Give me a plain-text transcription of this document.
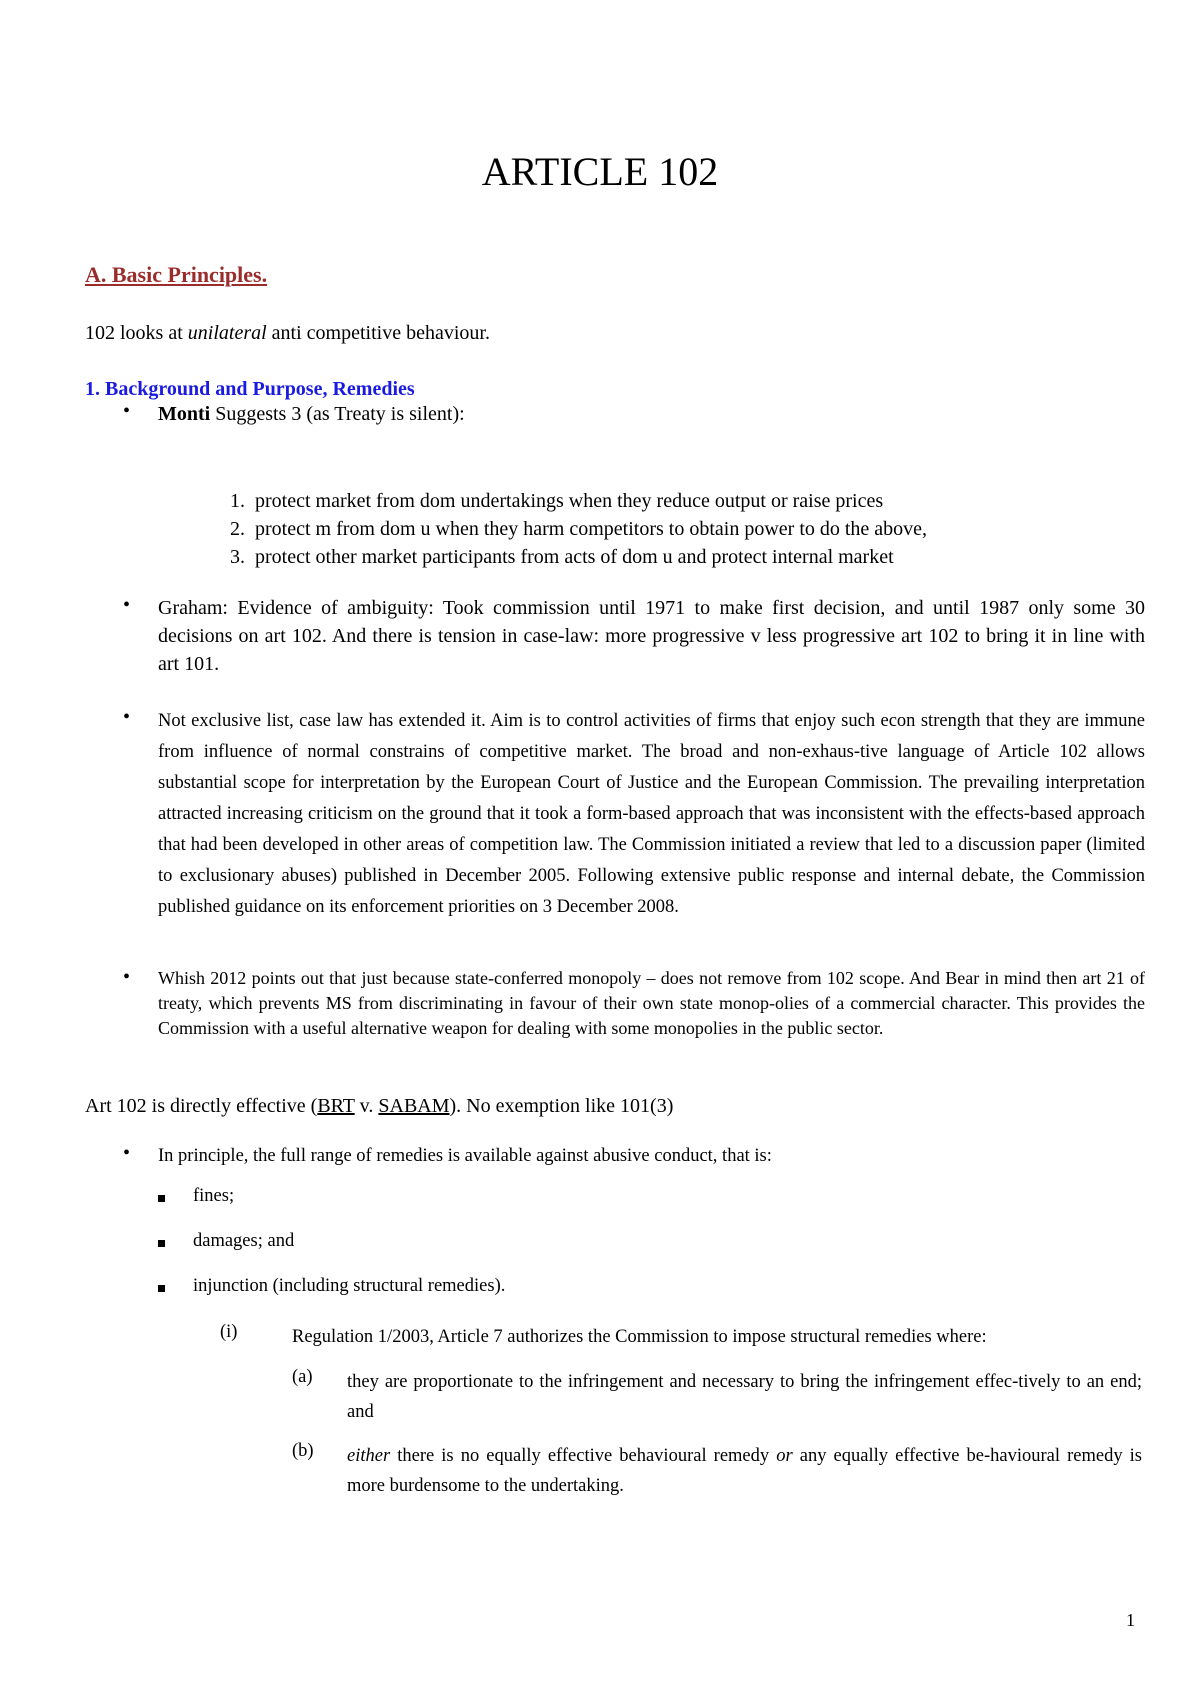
ARTICLE 102
A. Basic Principles.
102 looks at unilateral anti competitive behaviour.
1. Background and Purpose, Remedies
• Monti Suggests 3 (as Treaty is silent):
1. protect market from dom undertakings when they reduce output or raise prices
2. protect m from dom u when they harm competitors to obtain power to do the above,
3. protect other market participants from acts of dom u and protect internal market
• Graham: Evidence of ambiguity: Took commission until 1971 to make first decision, and until 1987 only some 30 decisions on art 102. And there is tension in case-law: more progressive v less progressive art 102 to bring it in line with art 101.
• Not exclusive list, case law has extended it. Aim is to control activities of firms that enjoy such econ strength that they are immune from influence of normal constrains of competitive market. The broad and non-exhaus-tive language of Article 102 allows substantial scope for interpretation by the European Court of Justice and the European Commission. The prevailing interpretation attracted increasing criticism on the ground that it took a form-based approach that was inconsistent with the effects-based approach that had been developed in other areas of competition law. The Commission initiated a review that led to a discussion paper (limited to exclusionary abuses) published in December 2005. Following extensive public response and internal debate, the Commission published guidance on its enforcement priorities on 3 December 2008.
• Whish 2012 points out that just because state-conferred monopoly – does not remove from 102 scope. And Bear in mind then art 21 of treaty, which prevents MS from discriminating in favour of their own state monop-olies of a commercial character. This provides the Commission with a useful alternative weapon for dealing with some monopolies in the public sector.
Art 102 is directly effective (BRT v. SABAM). No exemption like 101(3)
• In principle, the full range of remedies is available against abusive conduct, that is:
fines;
damages; and
injunction (including structural remedies).
(i)	Regulation 1/2003, Article 7 authorizes the Commission to impose structural remedies where:
(a) they are proportionate to the infringement and necessary to bring the infringement effec-tively to an end; and
(b) either there is no equally effective behavioural remedy or any equally effective be-havioural remedy is more burdensome to the undertaking.
1
